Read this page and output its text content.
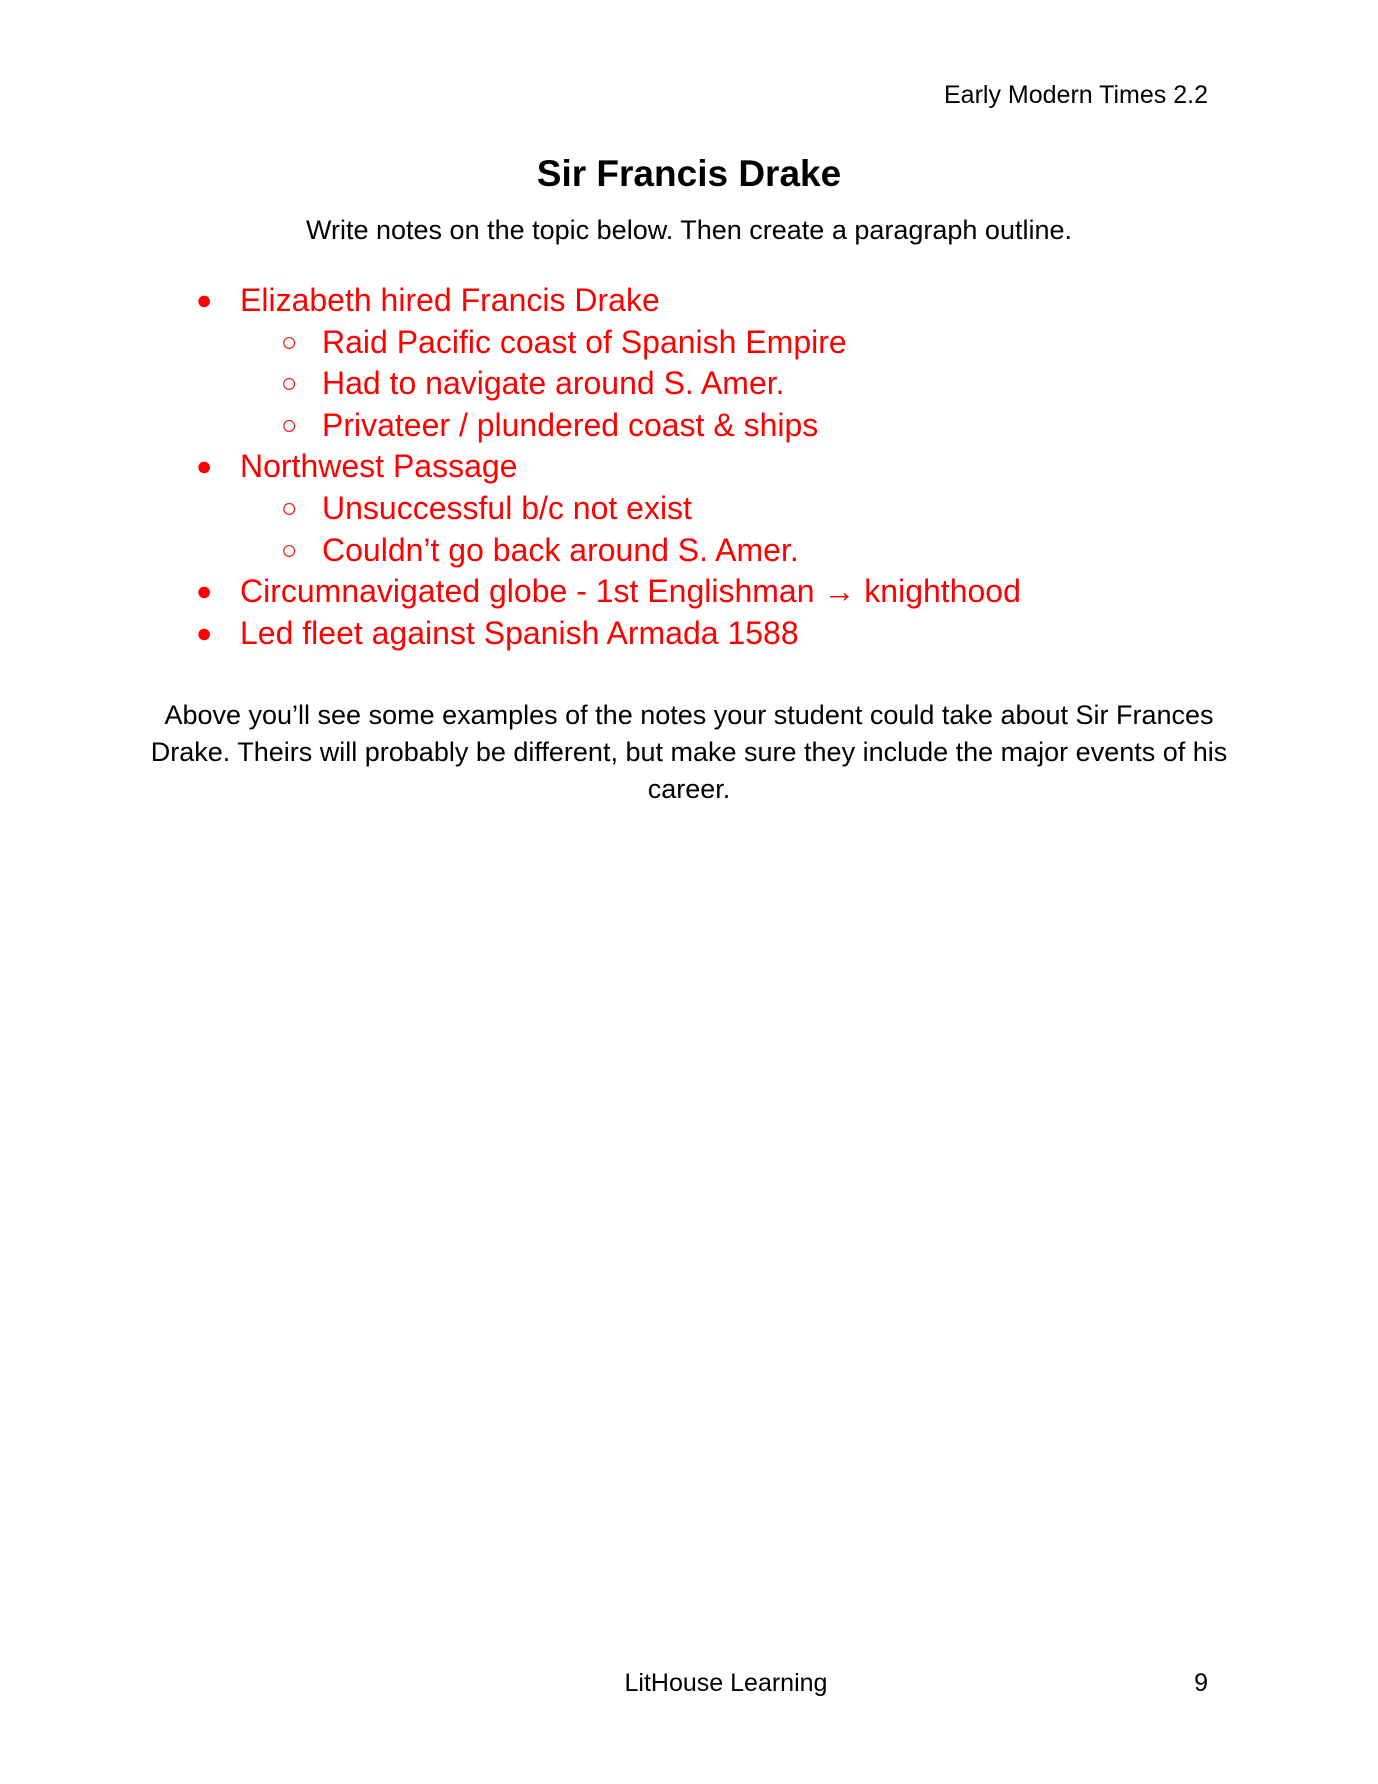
Early Modern Times 2.2
Sir Francis Drake
Write notes on the topic below. Then create a paragraph outline.
● Elizabeth hired Francis Drake
○ Raid Pacific coast of Spanish Empire
○ Had to navigate around S. Amer.
○ Privateer / plundered coast & ships
● Northwest Passage
○ Unsuccessful b/c not exist
○ Couldn’t go back around S. Amer.
● Circumnavigated globe - 1st Englishman → knighthood
● Led fleet against Spanish Armada 1588
Above you’ll see some examples of the notes your student could take about Sir Frances Drake. Theirs will probably be different, but make sure they include the major events of his career.
LitHouse Learning	9
